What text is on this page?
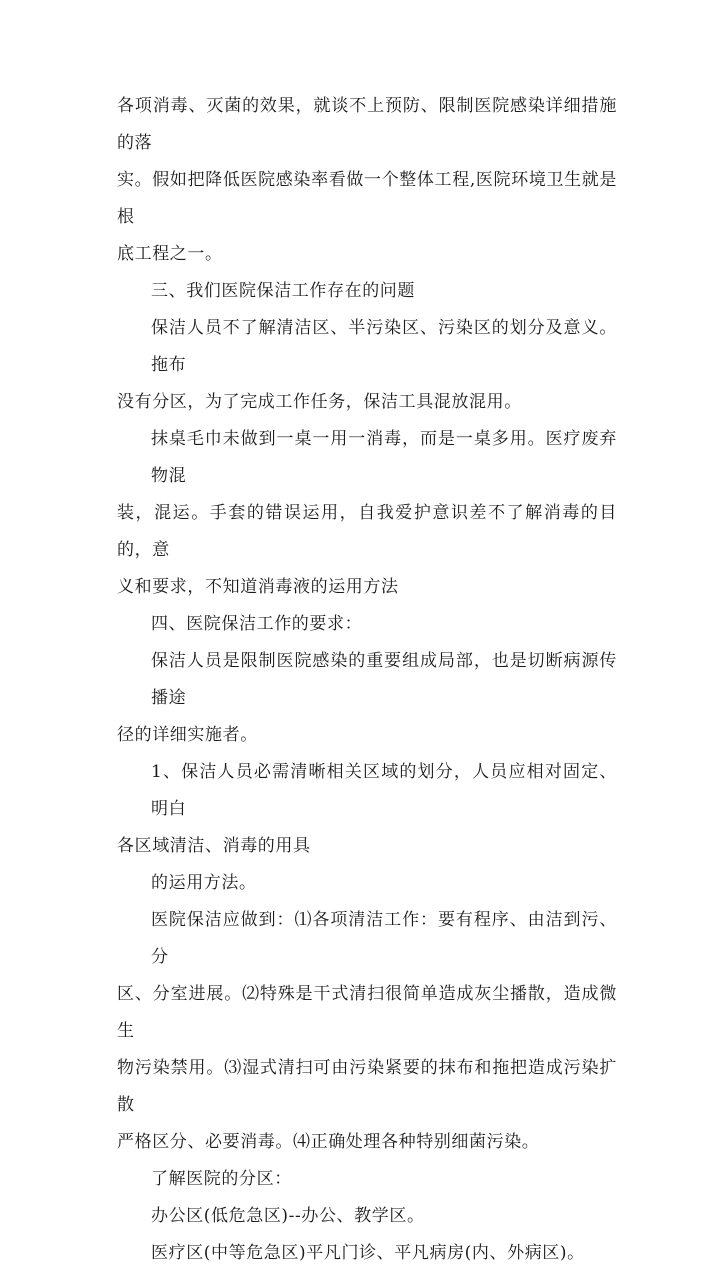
各项消毒、灭菌的效果，就谈不上预防、限制医院感染详细措施的落
实。假如把降低医院感染率看做一个整体工程,医院环境卫生就是根
底工程之一。
三、我们医院保洁工作存在的问题
保洁人员不了解清洁区、半污染区、污染区的划分及意义。拖布
没有分区，为了完成工作任务，保洁工具混放混用。
抹桌毛巾未做到一桌一用一消毒，而是一桌多用。医疗废弃物混
装，混运。手套的错误运用，自我爱护意识差不了解消毒的目的，意
义和要求，不知道消毒液的运用方法
四、医院保洁工作的要求：
保洁人员是限制医院感染的重要组成局部，也是切断病源传播途
径的详细实施者。
1、保洁人员必需清晰相关区域的划分，人员应相对固定、明白
各区域清洁、消毒的用具
的运用方法。
医院保洁应做到：⑴各项清洁工作：要有程序、由洁到污、分
区、分室进展。⑵特殊是干式清扫很简单造成灰尘播散，造成微生
物污染禁用。⑶湿式清扫可由污染紧要的抹布和拖把造成污染扩散
严格区分、必要消毒。⑷正确处理各种特别细菌污染。
了解医院的分区：
办公区(低危急区)--办公、教学区。
医疗区(中等危急区)平凡门诊、平凡病房(内、外病区)。
